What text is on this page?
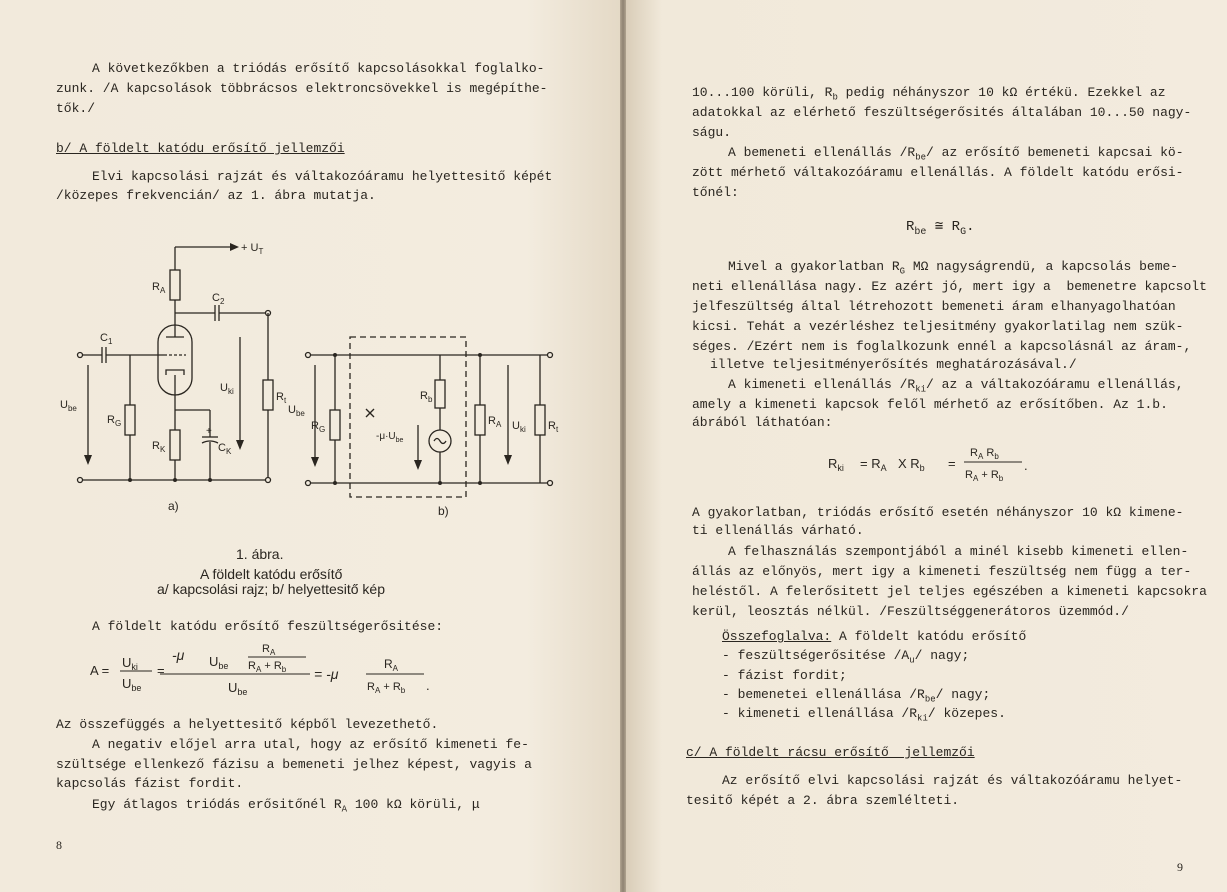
A következőkben a triódás erősítő kapcsolásokkal foglalko-
zunk. /A kapcsolások többrácsos elektroncsövekkel is megépíthe-
tők./
b/ A földelt katódu erősítő jellemzői
Elvi kapcsolási rajzát és váltakozóáramu helyettesitő képét
/közepes frekvencián/ az 1. ábra mutatja.
+ $U_T$
$R_A$
$C_2$
$C_1$
$R_G$
$U_{be}$
$R_K$
+
$C_K$
$U_{ki}$	$R_t$
a)
$U_{be}$
$R_G$
$-\mu\cdot U_{be}$
$R_b$
$R_A$ $U_{ki}$ $R_t$
b)
1. ábra.
A földelt katódu erősítő
a/ kapcsolási rajz; b/ helyettesitő kép
A földelt katódu erősítő feszültségerősitése:
A =
$U_{ki}$
$U_{be}$
=
-μ $U_{be}$
$R_A$
$R_A + R_b$
$U_{be}$
= -μ
$R_A$
$R_A + R_b$ .
Az összefüggés a helyettesitő képből levezethető.
A negativ előjel arra utal, hogy az erősítő kimeneti fe-
szültsége ellenkező fázisu a bemeneti jelhez képest, vagyis a
kapcsolás fázist fordit.
Egy átlagos triódás erősitőnél $R_A$ 100 kΩ körüli, μ
8
10...100 körüli, $R_b$ pedig néhányszor 10 kΩ értékü. Ezekkel az
adatokkal az elérhető feszültségerősités általában 10...50 nagy-
ságu.
A bemeneti ellenállás $/R_{be}/$ az erősítő bemeneti kapcsai kö-
zött mérhető váltakozóáramu ellenállás. A földelt katódu erősi-
tőnél:
$R_{be}$ ≅ $R_G$.
Mivel a gyakorlatban $R_G$ MΩ nagyságrendü, a kapcsolás beme-
neti ellenállása nagy. Ez azért jó, mert igy a  bemenetre kapcsolt
jelfeszültség által létrehozott bemeneti áram elhanyagolhatóan
kicsi. Tehát a vezérléshez teljesitmény gyakorlatilag nem szük-
séges. /Ezért nem is foglalkozunk ennél a kapcsolásnál az áram-,
illetve teljesitményerősítés meghatározásával./
A kimeneti ellenállás $/R_{ki}/$ az a váltakozóáramu ellenállás,
amely a kimeneti kapcsok felől mérhető az erősítőben. Az 1.b.
ábrából láthatóan:
$R_{ki} = R_A$ X $R_b$ =
$R_A$ $R_b$
$R_A + R_b$
.
A gyakorlatban, triódás erősítő esetén néhányszor 10 kΩ kimene-
ti ellenállás várható.
A felhasználás szempontjából a minél kisebb kimeneti ellen-
állás az előnyös, mert igy a kimeneti feszültség nem függ a ter-
heléstől. A felerősitett jel teljes egészében a kimeneti kapcsokra
kerül, leosztás nélkül. /Feszültséggenerátoros üzemmód./
Összefoglalva: A földelt katódu erősítő
- feszültségerősitése $/A_u/$ nagy;
- fázist fordit;
- bemenetei ellenállása $/R_{be}/$ nagy;
- kimeneti ellenállása $/R_{ki}/$ közepes.
c/ A földelt rácsu erősítő  jellemzői
Az erősítő elvi kapcsolási rajzát és váltakozóáramu helyet-
tesitő képét a 2. ábra szemlélteti.
9
